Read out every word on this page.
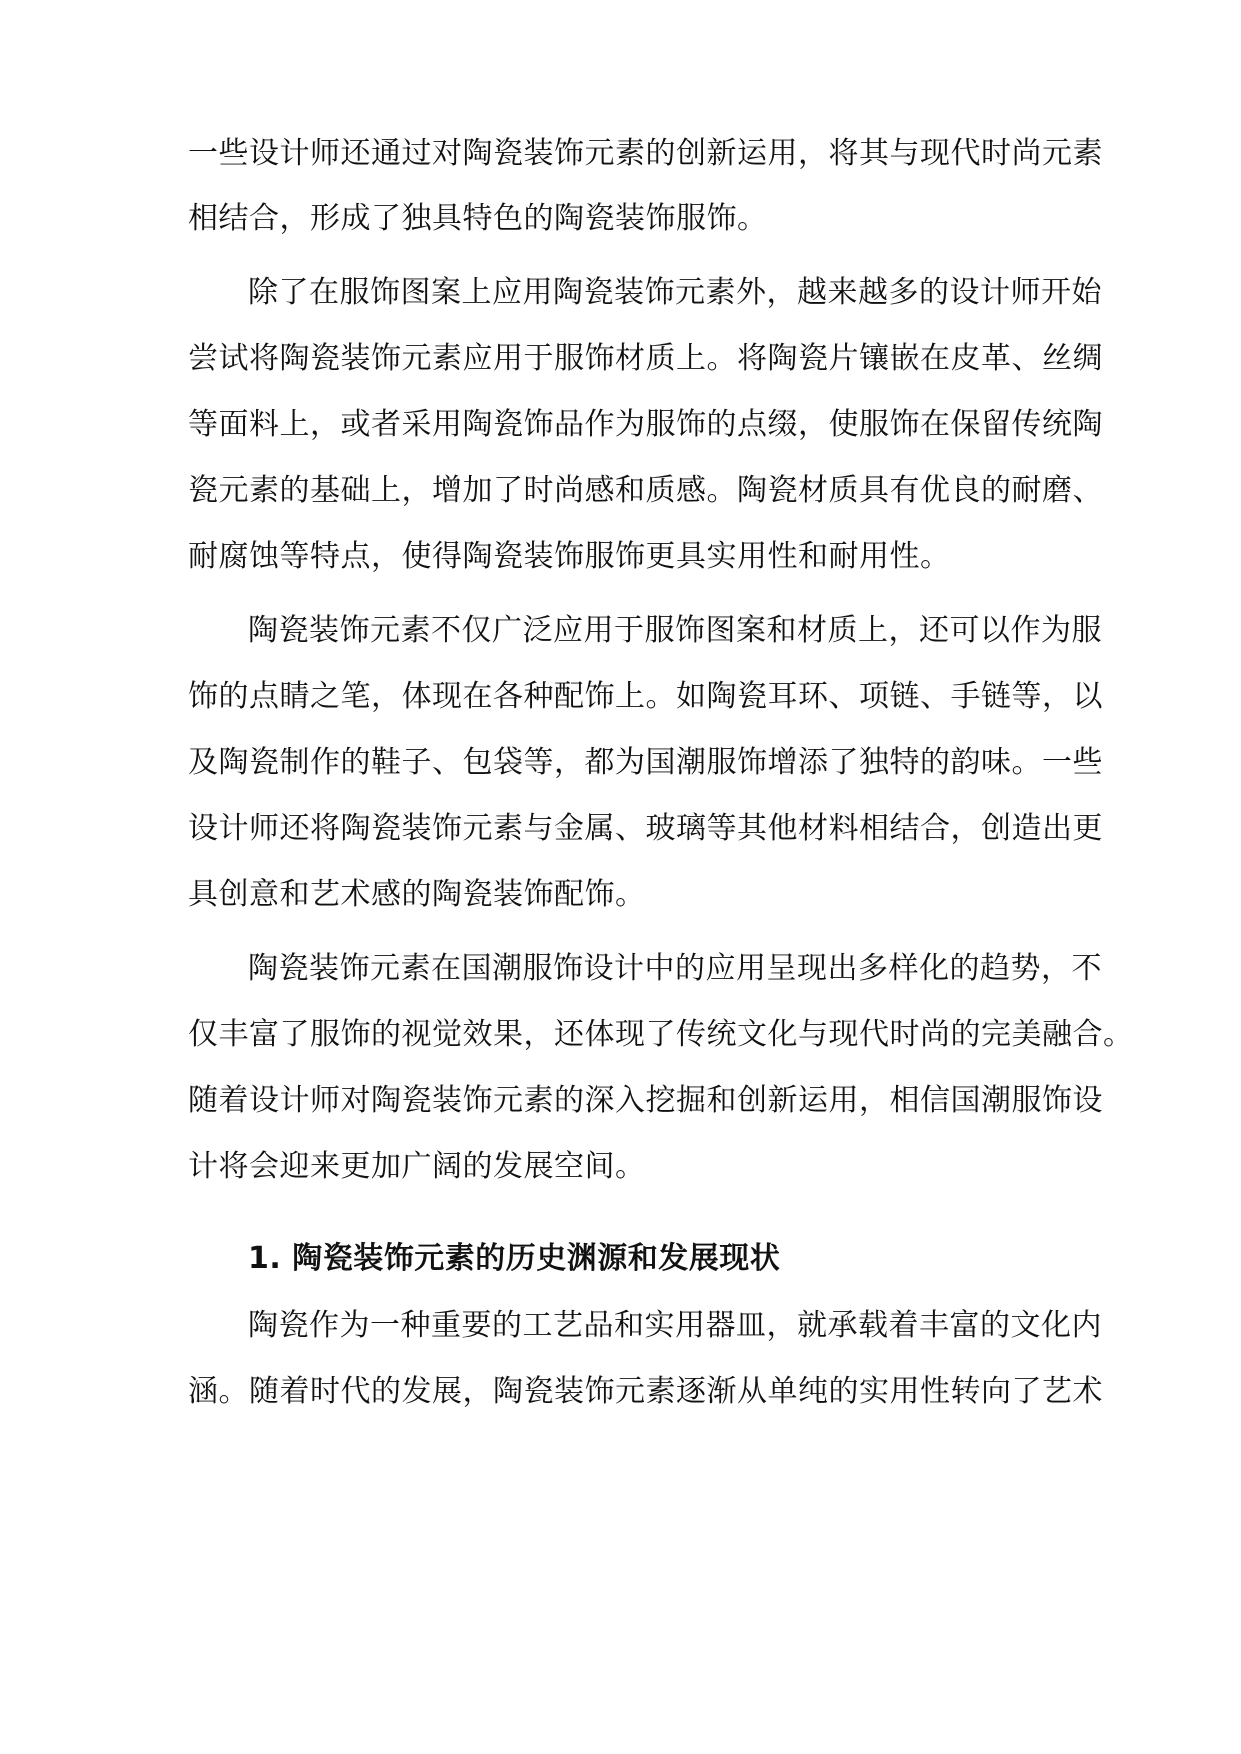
一些设计师还通过对陶瓷装饰元素的创新运用，将其与现代时尚元素
相结合，形成了独具特色的陶瓷装饰服饰。
除了在服饰图案上应用陶瓷装饰元素外，越来越多的设计师开始
尝试将陶瓷装饰元素应用于服饰材质上。将陶瓷片镶嵌在皮革、丝绸
等面料上，或者采用陶瓷饰品作为服饰的点缀，使服饰在保留传统陶
瓷元素的基础上，增加了时尚感和质感。陶瓷材质具有优良的耐磨、
耐腐蚀等特点，使得陶瓷装饰服饰更具实用性和耐用性。
陶瓷装饰元素不仅广泛应用于服饰图案和材质上，还可以作为服
饰的点睛之笔，体现在各种配饰上。如陶瓷耳环、项链、手链等，以
及陶瓷制作的鞋子、包袋等，都为国潮服饰增添了独特的韵味。一些
设计师还将陶瓷装饰元素与金属、玻璃等其他材料相结合，创造出更
具创意和艺术感的陶瓷装饰配饰。
陶瓷装饰元素在国潮服饰设计中的应用呈现出多样化的趋势，不
仅丰富了服饰的视觉效果，还体现了传统文化与现代时尚的完美融合。
随着设计师对陶瓷装饰元素的深入挖掘和创新运用，相信国潮服饰设
计将会迎来更加广阔的发展空间。
1. 陶瓷装饰元素的历史渊源和发展现状
陶瓷作为一种重要的工艺品和实用器皿，就承载着丰富的文化内
涵。随着时代的发展，陶瓷装饰元素逐渐从单纯的实用性转向了艺术
